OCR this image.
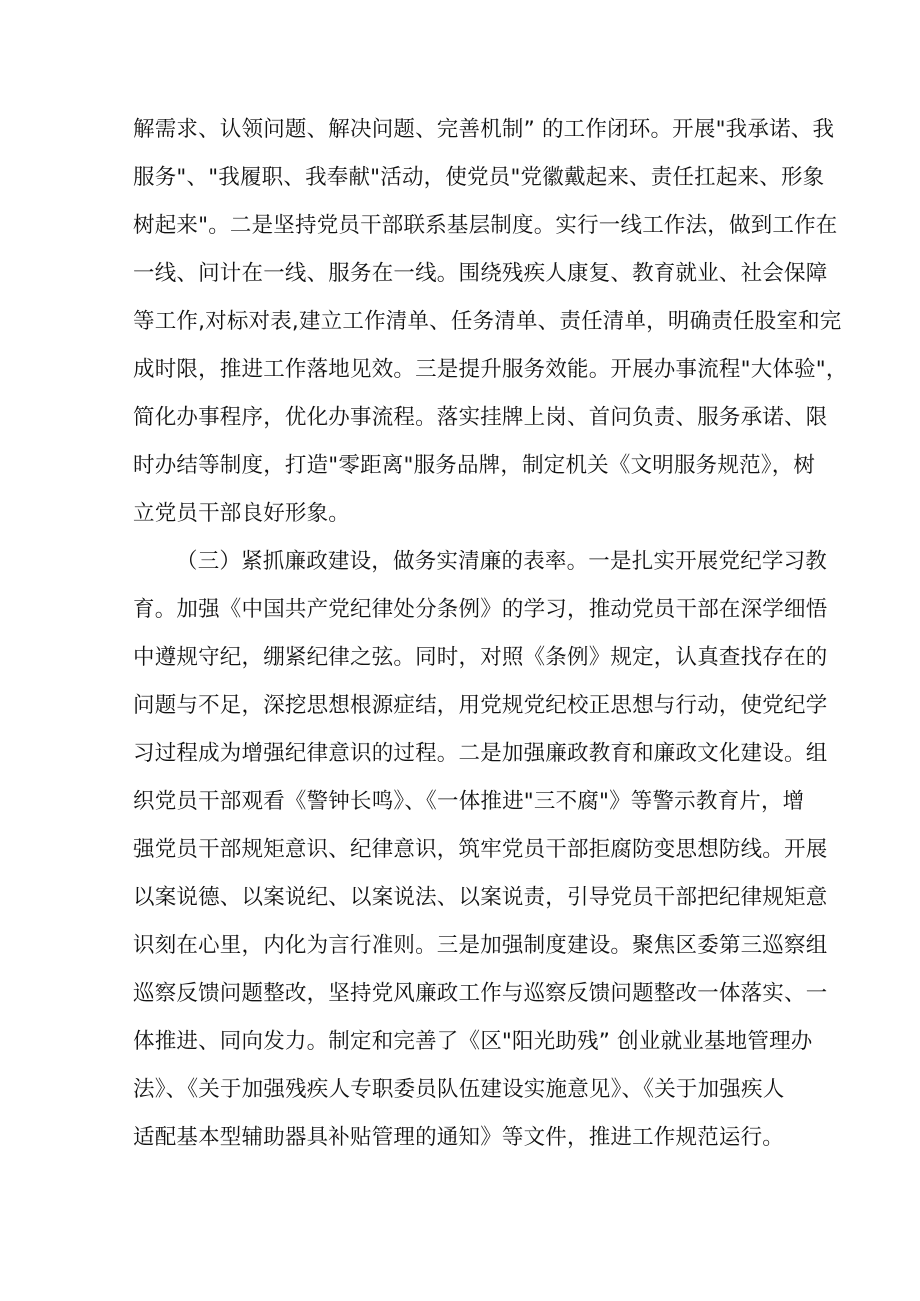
解需求、认领问题、解决问题、完善机制” 的工作闭环。开展"我承诺、我
服务"、"我履职、我奉献"活动，使党员"党徽戴起来、责任扛起来、形象
树起来"。二是坚持党员干部联系基层制度。实行一线工作法，做到工作在
一线、问计在一线、服务在一线。围绕残疾人康复、教育就业、社会保障
等工作,对标对表,建立工作清单、任务清单、责任清单，明确责任股室和完
成时限，推进工作落地见效。三是提升服务效能。开展办事流程"大体验"，
简化办事程序，优化办事流程。落实挂牌上岗、首问负责、服务承诺、限
时办结等制度，打造"零距离"服务品牌，制定机关《文明服务规范》，树
立党员干部良好形象。
（三）紧抓廉政建设，做务实清廉的表率。一是扎实开展党纪学习教
育。加强《中国共产党纪律处分条例》的学习，推动党员干部在深学细悟
中遵规守纪，绷紧纪律之弦。同时，对照《条例》规定，认真查找存在的
问题与不足，深挖思想根源症结，用党规党纪校正思想与行动，使党纪学
习过程成为增强纪律意识的过程。二是加强廉政教育和廉政文化建设。组
织党员干部观看《警钟长鸣》、《一体推进"三不腐"》等警示教育片，增
强党员干部规矩意识、纪律意识，筑牢党员干部拒腐防变思想防线。开展
以案说德、以案说纪、以案说法、以案说责，引导党员干部把纪律规矩意
识刻在心里，内化为言行准则。三是加强制度建设。聚焦区委第三巡察组
巡察反馈问题整改，坚持党风廉政工作与巡察反馈问题整改一体落实、一
体推进、同向发力。制定和完善了《区"阳光助残” 创业就业基地管理办
法》、《关于加强残疾人专职委员队伍建设实施意见》、《关于加强疾人
适配基本型辅助器具补贴管理的通知》等文件，推进工作规范运行。
